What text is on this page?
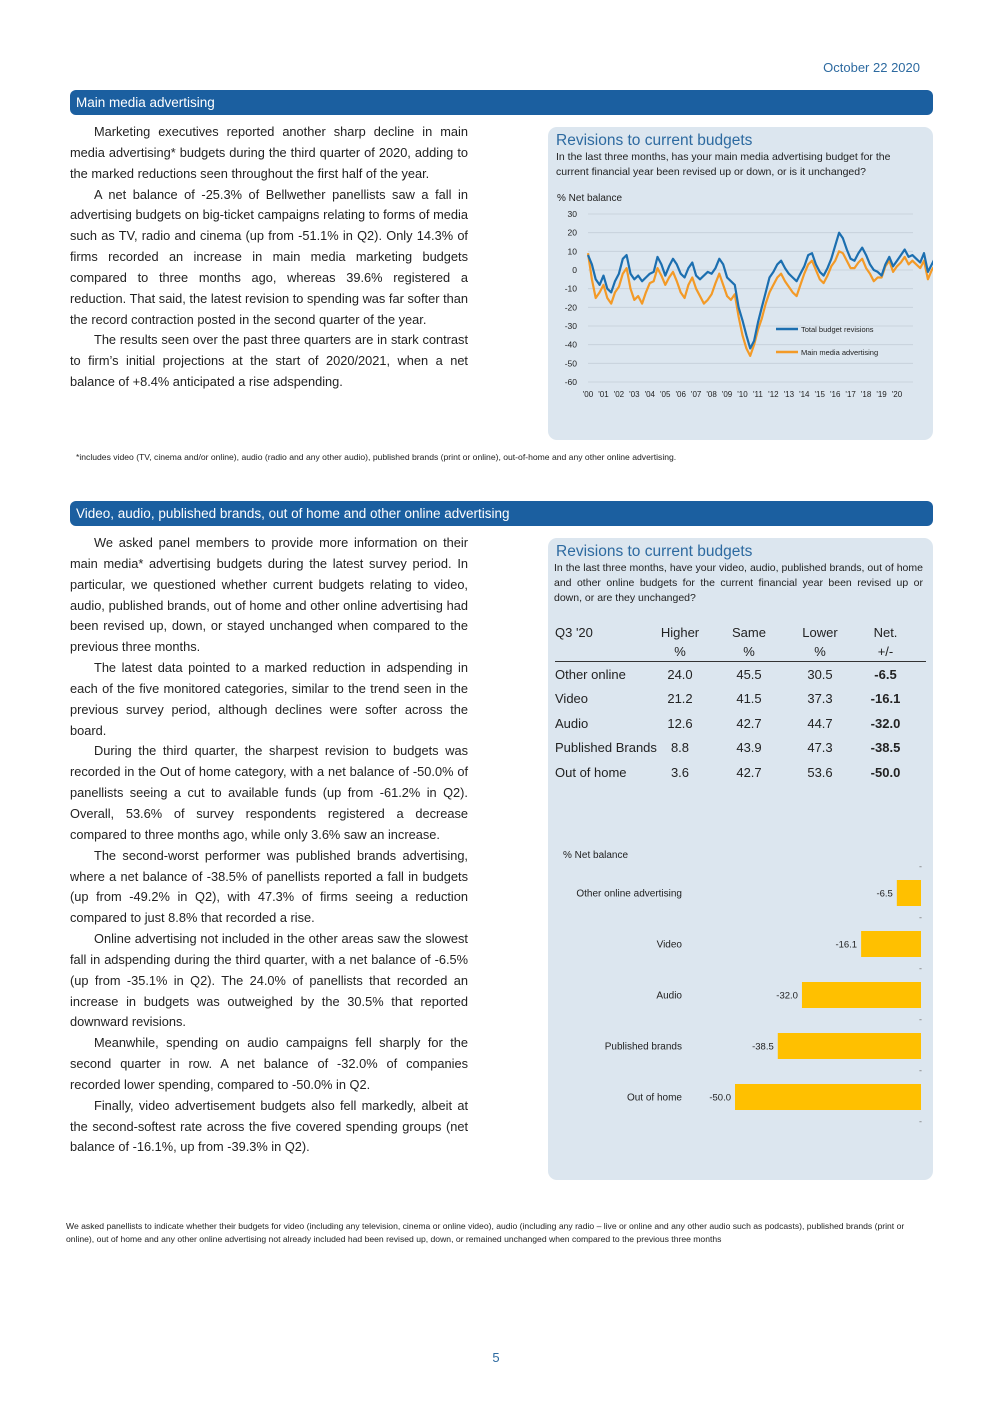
October 22 2020
Main media advertising

Marketing executives reported another sharp decline in main media advertising* budgets during the third quarter of 2020, adding to the marked reductions seen throughout the first half of the year.

A net balance of -25.3% of Bellwether panellists saw a fall in advertising budgets on big-ticket campaigns relating to forms of media such as TV, radio and cinema (up from -51.1% in Q2). Only 14.3% of firms recorded an increase in main media marketing budgets compared to three months ago, whereas 39.6% registered a reduction. That said, the latest revision to spending was far softer than the record contraction posted in the second quarter of the year.

The results seen over the past three quarters are in stark contrast to firm’s initial projections at the start of 2020/2021, when a net balance of +8.4% anticipated a rise adspending.

Revisions to current budgets
In the last three months, has your main media advertising budget for the current financial year been revised up or down, or is it unchanged?
% Net balance
30
20
10
0
-10
-20
-30
-40
-50
-60
'00 '01 '02 '03 '04 '05 '06 '07 '08 '09 '10 '11 '12 '13 '14 '15 '16 '17 '18 '19 '20
Total budget revisions
Main media advertising
*includes video (TV, cinema and/or online), audio (radio and any other audio), published brands (print or online), out-of-home and any other online advertising.
Video, audio, published brands, out of home and other online advertising

We asked panel members to provide more information on their main media* advertising budgets during the latest survey period. In particular, we questioned whether current budgets relating to video, audio, published brands, out of home and other online advertising had been revised up, down, or stayed unchanged when compared to the previous three months.

The latest data pointed to a marked reduction in adspending in each of the five monitored categories, similar to the trend seen in the previous survey period, although declines were softer across the board.

During the third quarter, the sharpest revision to budgets was recorded in the Out of home category, with a net balance of -50.0% of panellists seeing a cut to available funds (up from -61.2% in Q2). Overall, 53.6% of survey respondents registered a decrease compared to three months ago, while only 3.6% saw an increase.

The second-worst performer was published brands advertising, where a net balance of -38.5% of panellists reported a fall in budgets (up from -49.2% in Q2), with 47.3% of firms seeing a reduction compared to just 8.8% that recorded a rise.

Online advertising not included in the other areas saw the slowest fall in adspending during the third quarter, with a net balance of -6.5% (up from -35.1% in Q2). The 24.0% of panellists that recorded an increase in budgets was outweighed by the 30.5% that reported downward revisions.

Meanwhile, spending on audio campaigns fell sharply for the second quarter in row. A net balance of -32.0% of companies recorded lower spending, compared to -50.0% in Q2.

Finally, video advertisement budgets also fell markedly, albeit at the second-softest rate across the five covered spending groups (net balance of -16.1%, up from -39.3% in Q2).

Revisions to current budgets
In the last three months, have your video, audio, published brands, out of home and other online budgets for the current financial year been revised up or down, or are they unchanged?
Q3 '20	Higher	Same	Lower	Net.
	%	%	%	+/-
Other online	24.0	45.5	30.5	-6.5
Video	21.2	41.5	37.3	-16.1
Audio	12.6	42.7	44.7	-32.0
Published Brands	8.8	43.9	47.3	-38.5
Out of home	3.6	42.7	53.6	-50.0
% Net balance
-
-
-
-
-
-
-6.5
Other online advertising
-16.1
Video
-32.0
Audio
-38.5
Published brands
-50.0
Out of home
We asked panellists to indicate whether their budgets for video (including any television, cinema or online video), audio (including any radio – live or online and any other audio such as podcasts), published brands (print or online), out of home and any other online advertising not already included had been revised up, down, or remained unchanged when compared to the previous three months
5
